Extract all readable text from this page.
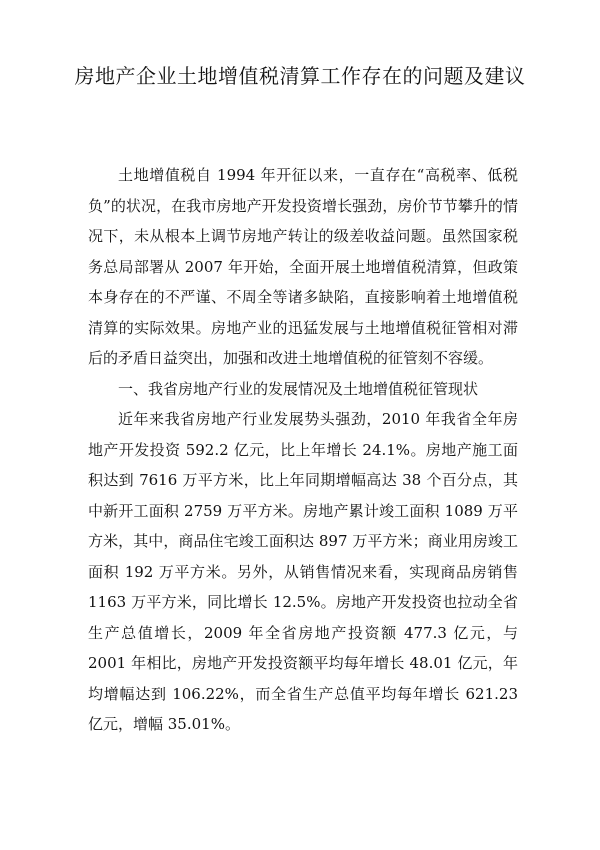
房地产企业土地增值税清算工作存在的问题及建议

土地增值税自 1994 年开征以来，一直存在“高税率、低税负”的状况，在我市房地产开发投资增长强劲，房价节节攀升的情况下，未从根本上调节房地产转让的级差收益问题。虽然国家税务总局部署从 2007 年开始，全面开展土地增值税清算，但政策本身存在的不严谨、不周全等诸多缺陷，直接影响着土地增值税清算的实际效果。房地产业的迅猛发展与土地增值税征管相对滞后的矛盾日益突出，加强和改进土地增值税的征管刻不容缓。

一、我省房地产行业的发展情况及土地增值税征管现状

近年来我省房地产行业发展势头强劲，2010 年我省全年房地产开发投资 592.2 亿元，比上年增长 24.1%。房地产施工面积达到 7616 万平方米，比上年同期增幅高达 38 个百分点，其中新开工面积 2759 万平方米。房地产累计竣工面积 1089 万平方米，其中，商品住宅竣工面积达 897 万平方米；商业用房竣工面积 192 万平方米。另外，从销售情况来看，实现商品房销售 1163 万平方米，同比增长 12.5%。房地产开发投资也拉动全省生产总值增长，2009 年全省房地产投资额 477.3 亿元，与 2001 年相比，房地产开发投资额平均每年增长 48.01 亿元，年均增幅达到 106.22%，而全省生产总值平均每年增长 621.23 亿元，增幅 35.01%。
